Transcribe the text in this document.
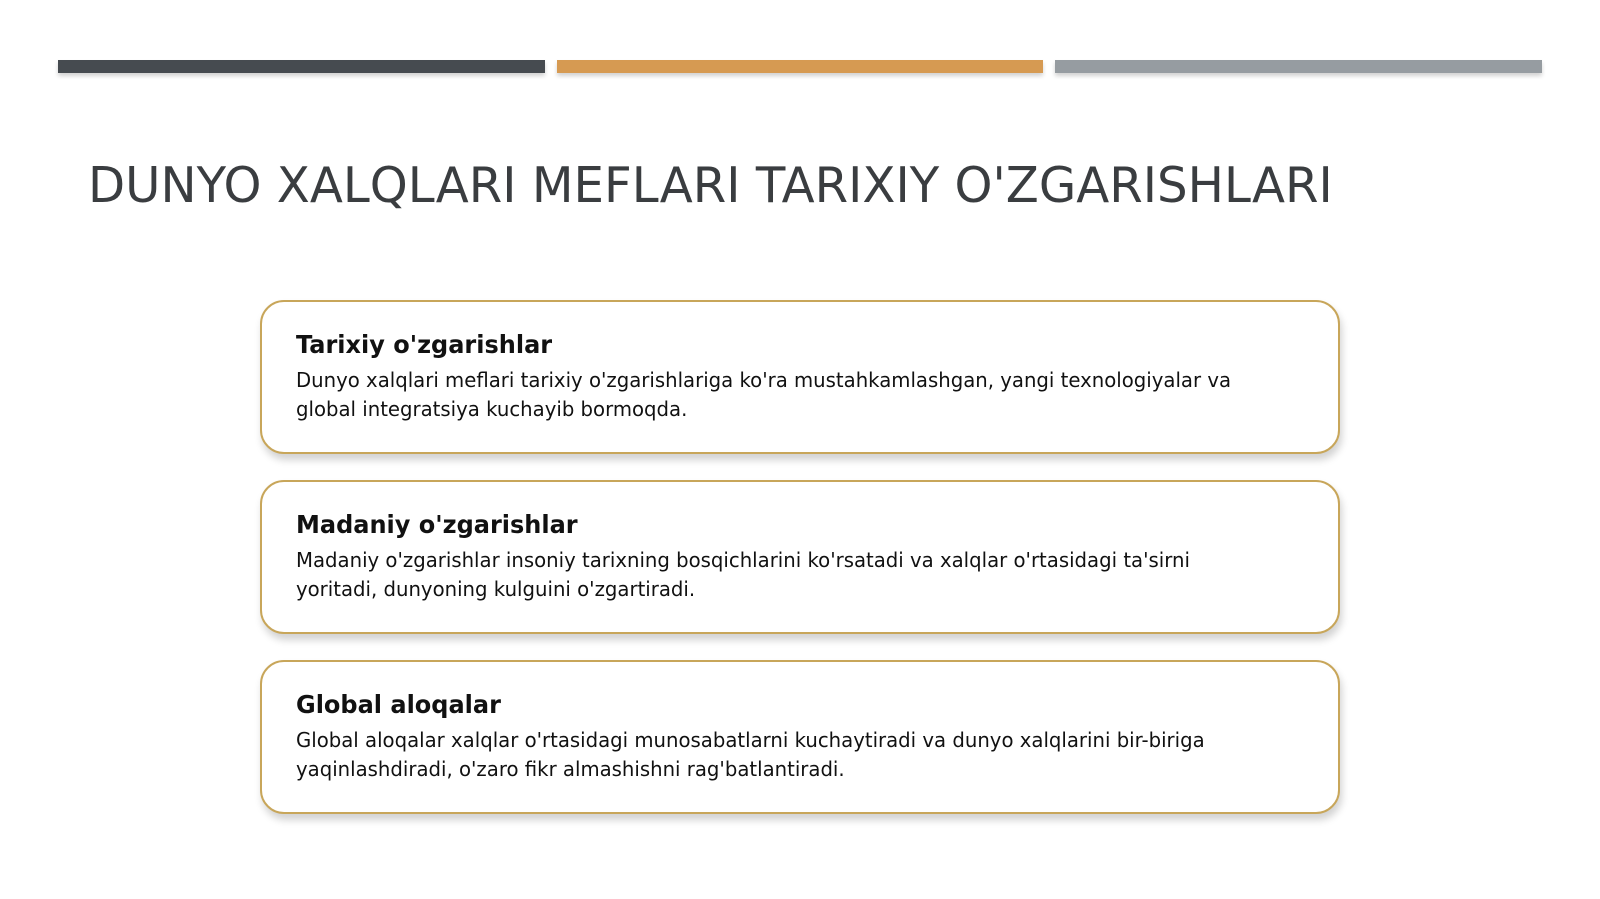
DUNYO XALQLARI MEFLARI TARIXIY O'ZGARISHLARI
Tarixiy o'zgarishlar

Dunyo xalqlari meflari tarixiy o'zgarishlariga ko'ra mustahkamlashgan, yangi texnologiyalar va global integratsiya kuchayib bormoqda.

Madaniy o'zgarishlar

Madaniy o'zgarishlar insoniy tarixning bosqichlarini ko'rsatadi va xalqlar o'rtasidagi ta'sirni yoritadi, dunyoning kulguini o'zgartiradi.

Global aloqalar

Global aloqalar xalqlar o'rtasidagi munosabatlarni kuchaytiradi va dunyo xalqlarini bir-biriga yaqinlashdiradi, o'zaro fikr almashishni rag'batlantiradi.
